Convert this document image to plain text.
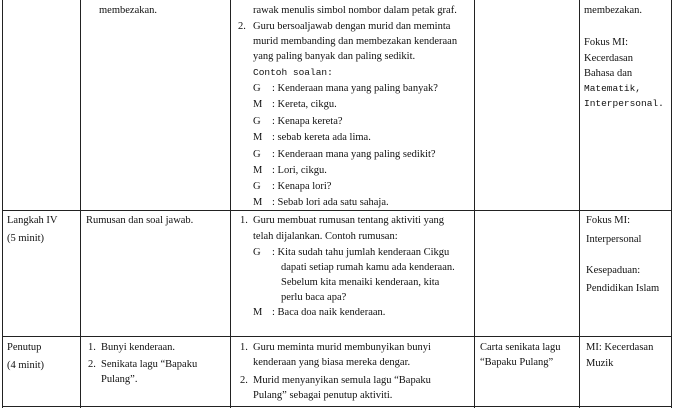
membezakan.	rawak menulis simbol nombor dalam petak graf.
2. Guru bersoaljawab dengan murid dan meminta
murid membanding dan membezakan kenderaan
yang paling banyak dan paling sedikit.
Contoh soalan:
G : Kenderaan mana yang paling banyak?
M : Kereta, cikgu.
G : Kenapa kereta?
M : sebab kereta ada lima.
G : Kenderaan mana yang paling sedikit?
M : Lori, cikgu.
G : Kenapa lori?
M : Sebab lori ada satu sahaja.
membezakan.
Fokus MI:
Kecerdasan
Bahasa dan
Matematik,
Interpersonal.
Langkah IV
(5 minit)
Rumusan dan soal jawab.	1. Guru membuat rumusan tentang aktiviti yang
telah dijalankan. Contoh rumusan:
G : Kita sudah tahu jumlah kenderaan Cikgu
dapati setiap rumah kamu ada kenderaan.
Sebelum kita menaiki kenderaan, kita
perlu baca apa?
M : Baca doa naik kenderaan.
Fokus MI:
Interpersonal
Kesepaduan:
Pendidikan Islam
Penutup
(4 minit)
1. Bunyi kenderaan.
2. Senikata lagu “Bapaku
Pulang”.
1. Guru meminta murid membunyikan bunyi
kenderaan yang biasa mereka dengar.
2. Murid menyanyikan semula lagu “Bapaku
Pulang” sebagai penutup aktiviti.
Carta senikata lagu
“Bapaku Pulang”
MI: Kecerdasan
Muzik
